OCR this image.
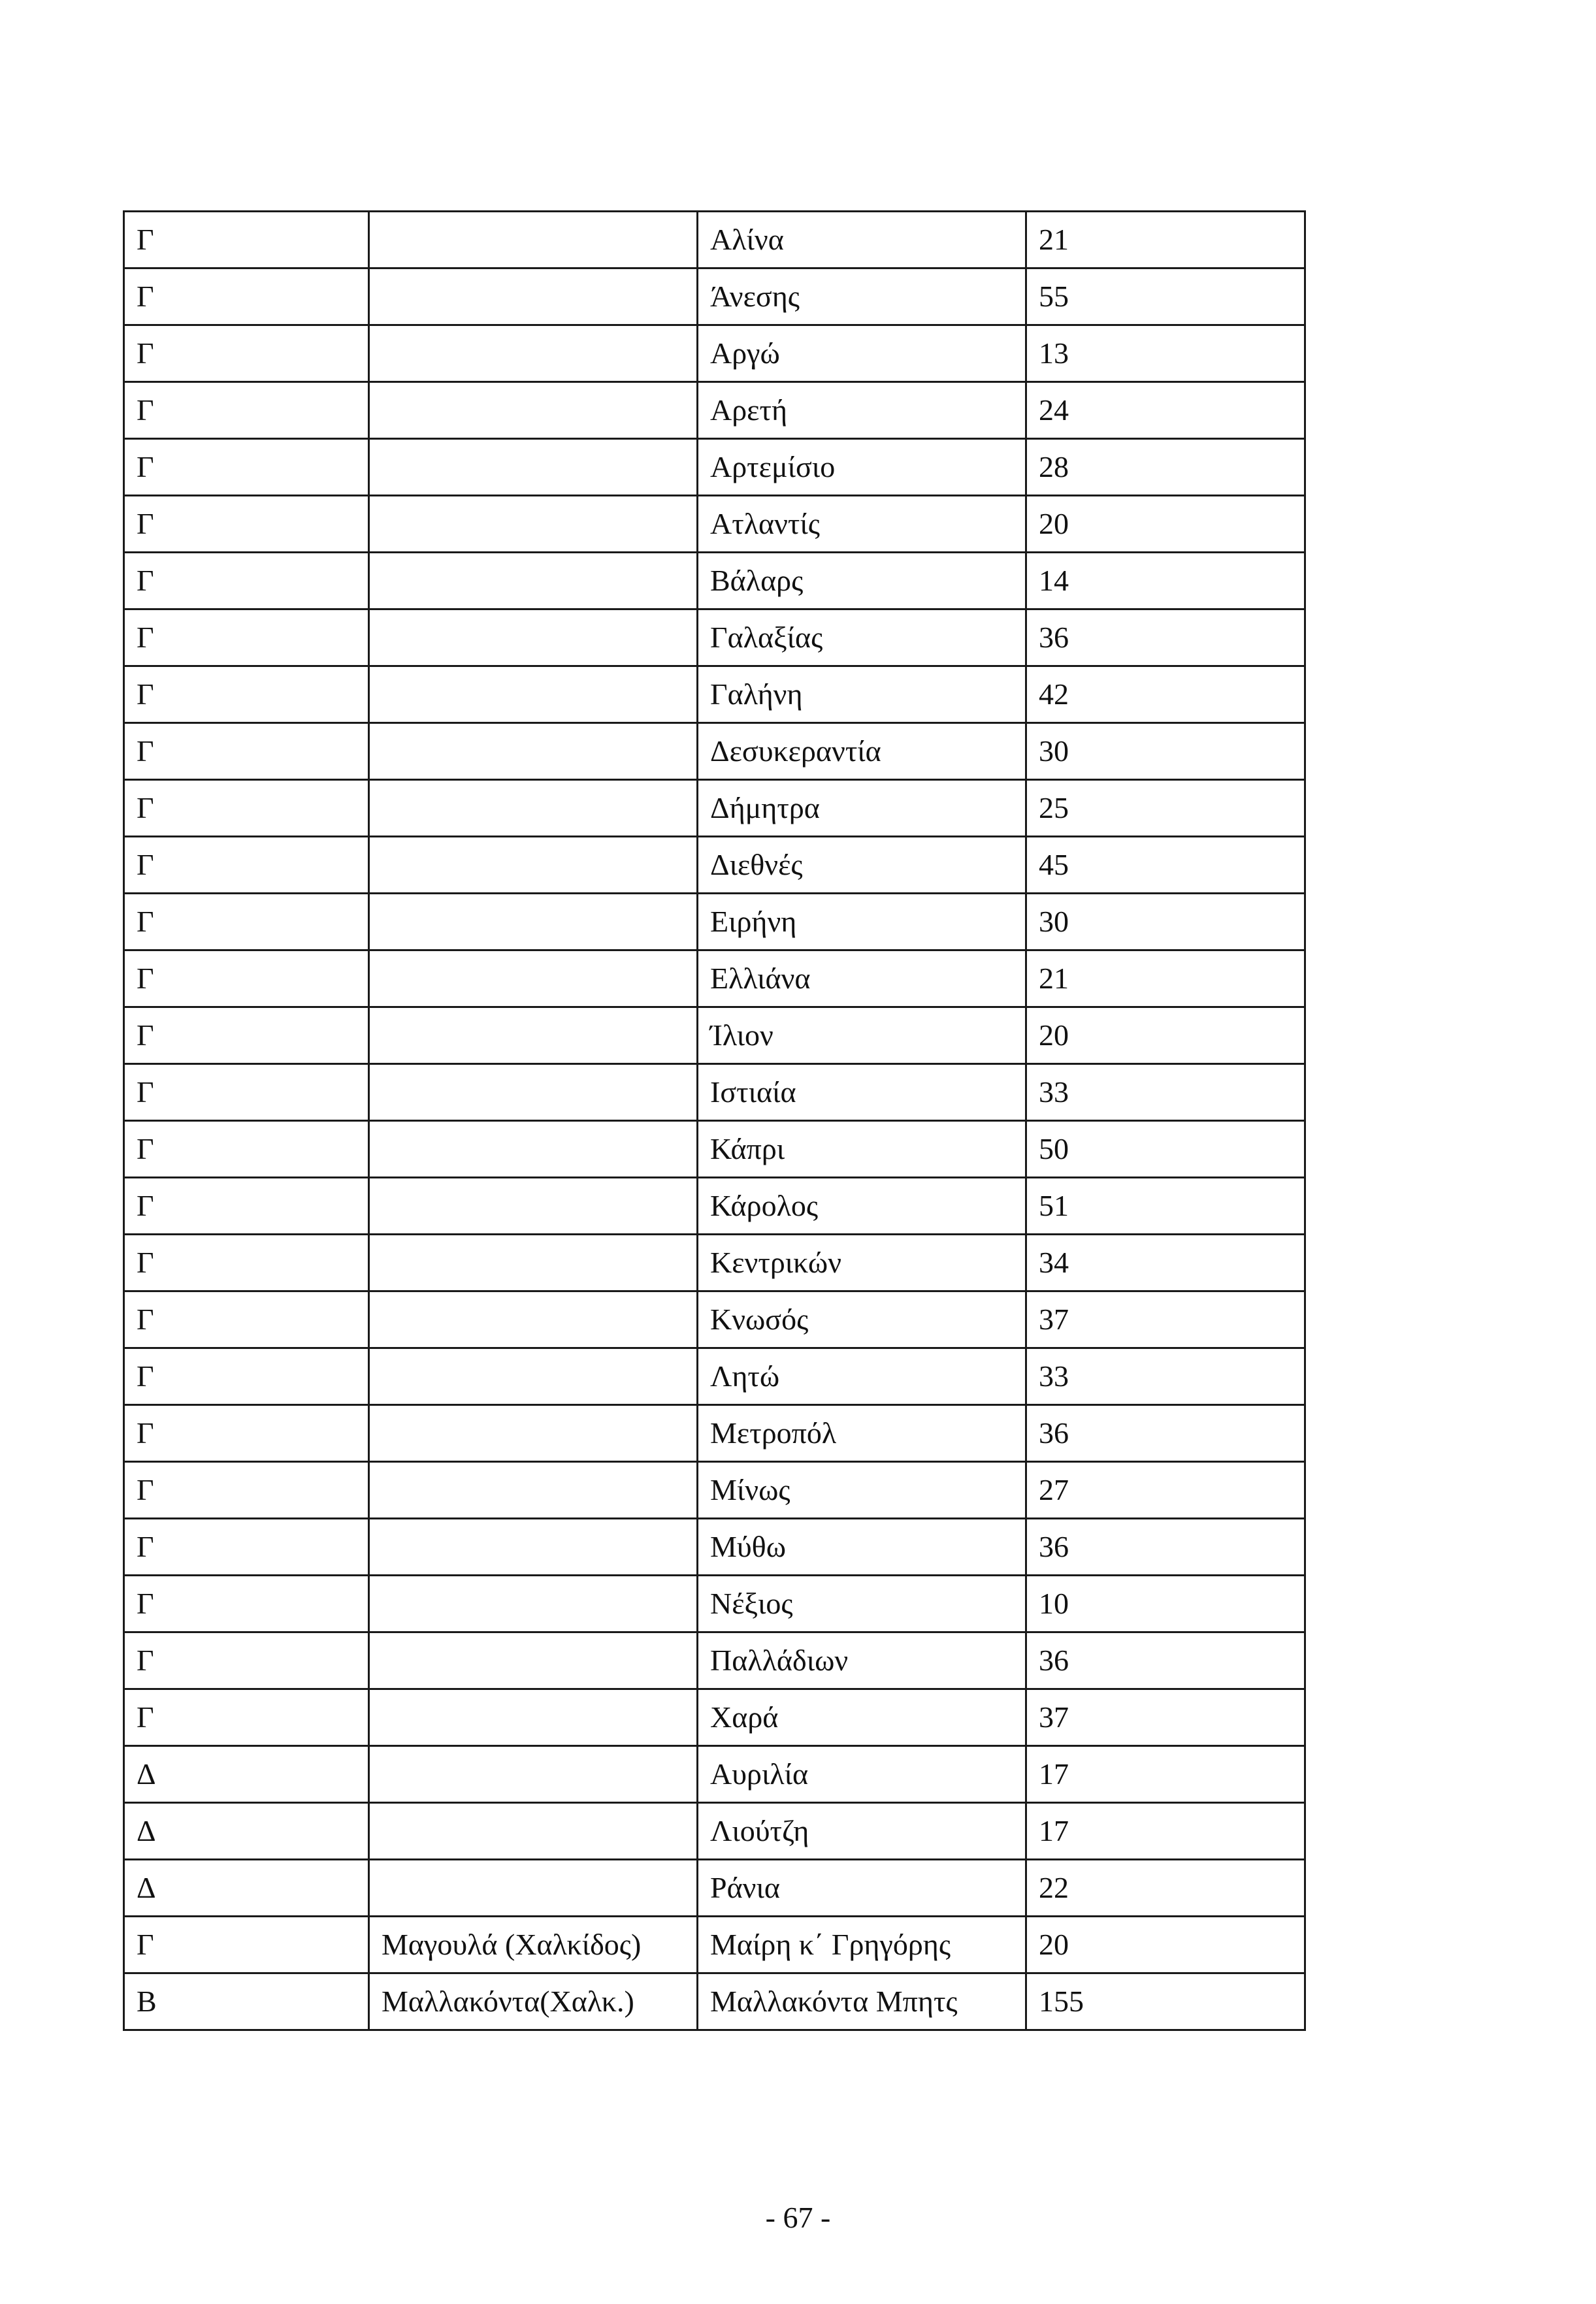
Γ		Αλίνα	21
Γ		Άνεσης	55
Γ		Αργώ	13
Γ		Αρετή	24
Γ		Αρτεμίσιο	28
Γ		Ατλαντίς	20
Γ		Βάλαρς	14
Γ		Γαλαξίας	36
Γ		Γαλήνη	42
Γ		Δεσυκεραντία	30
Γ		Δήμητρα	25
Γ		Διεθνές	45
Γ		Ειρήνη	30
Γ		Ελλιάνα	21
Γ		Ίλιον	20
Γ		Ιστιαία	33
Γ		Κάπρι	50
Γ		Κάρολος	51
Γ		Κεντρικών	34
Γ		Κνωσός	37
Γ		Λητώ	33
Γ		Μετροπόλ	36
Γ		Μίνως	27
Γ		Μύθω	36
Γ		Νέξιος	10
Γ		Παλλάδιων	36
Γ		Χαρά	37
Δ		Αυριλία	17
Δ		Λιούτζη	17
Δ		Ράνια	22
Γ	Μαγουλά (Χαλκίδος)	Μαίρη κ΄ Γρηγόρης	20
Β	Μαλλακόντα(Χαλκ.)	Μαλλακόντα Μπητς	155
- 67 -
